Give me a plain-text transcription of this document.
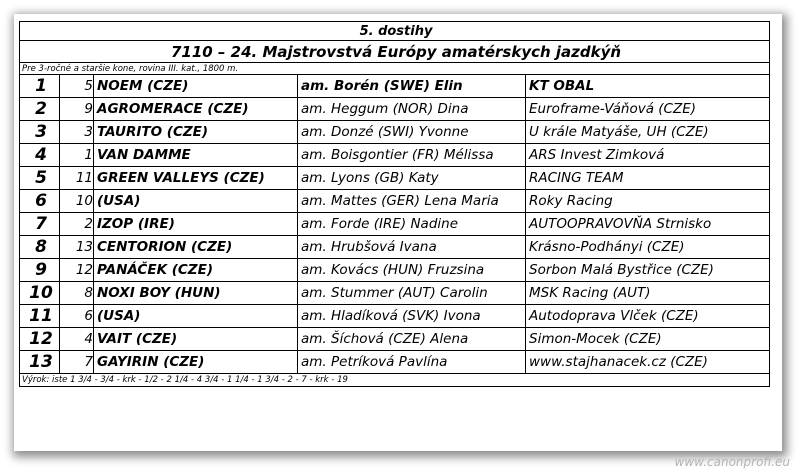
5. dostihy				
7110 – 24. Majstrovstvá Európy amatérskych jazdkýň				
Pre 3-ročné a staršie kone, rovina III. kat., 1800 m.				
1	5	NOEM (CZE)	am. Borén (SWE) Elin	KT OBAL
2	9	AGROMERACE (CZE)	am. Heggum (NOR) Dina	Euroframe-Váňová (CZE)
3	3	TAURITO (CZE)	am. Donzé (SWI) Yvonne	U krále Matyáše, UH (CZE)
4	1	VAN DAMME	am. Boisgontier (FR) Mélissa	ARS Invest Zimková
5	11	GREEN VALLEYS (CZE)	am. Lyons (GB) Katy	RACING TEAM
6	10	(USA)	am. Mattes (GER) Lena Maria	Roky Racing
7	2	IZOP (IRE)	am. Forde (IRE) Nadine	AUTOOPRAVOVŇA Strnisko
8	13	CENTORION (CZE)	am. Hrubšová Ivana	Krásno-Podhányi (CZE)
9	12	PANÁČEK (CZE)	am. Kovács (HUN) Fruzsina	Sorbon Malá Bystřice (CZE)
10	8	NOXI BOY (HUN)	am. Stummer (AUT) Carolin	MSK Racing (AUT)
11	6	(USA)	am. Hladíková (SVK) Ivona	Autodoprava Vlček (CZE)
12	4	VAIT (CZE)	am. Šíchová (CZE) Alena	Simon-Mocek (CZE)
13	7	GAYIRIN (CZE)	am. Petríková Pavlína	www.stajhanacek.cz (CZE)
Výrok: iste 1 3/4 - 3/4 - krk - 1/2 - 2 1/4 - 4 3/4 - 1 1/4 - 1 3/4 - 2 - 7 - krk - 19				
www.canonprofi.eu
